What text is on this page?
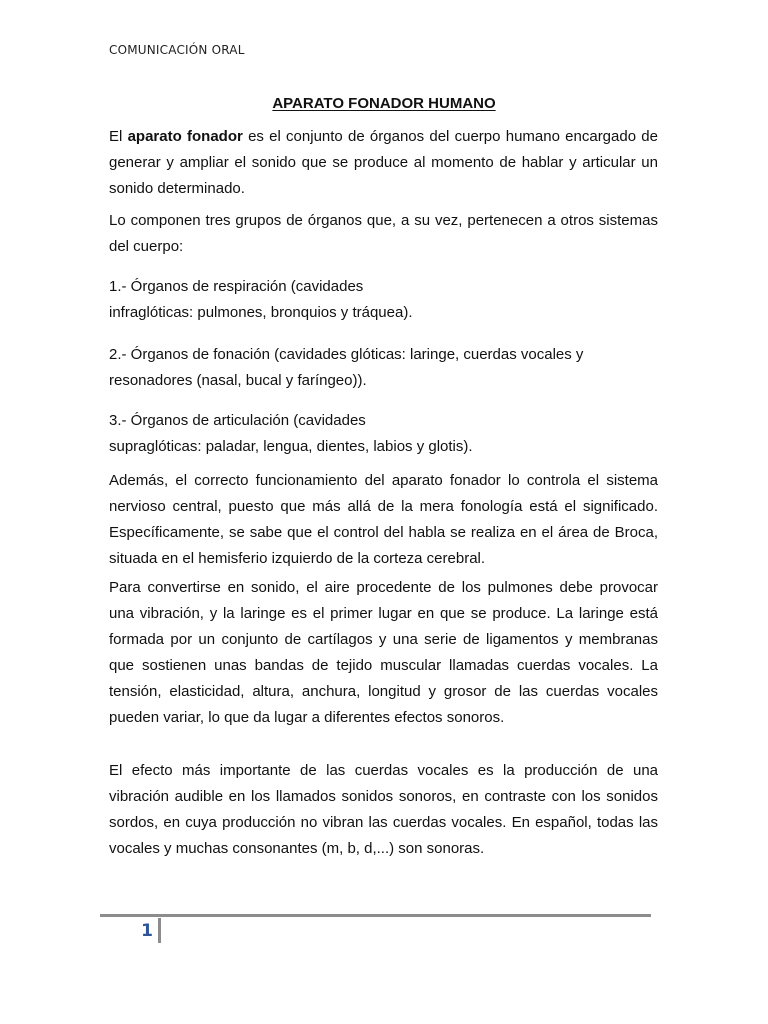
COMUNICACIÓN ORAL
APARATO FONADOR HUMANO
El aparato fonador es el conjunto de órganos del cuerpo humano encargado de generar y ampliar el sonido que se produce al momento de hablar y articular un sonido determinado.
Lo componen tres grupos de órganos que, a su vez, pertenecen a otros sistemas del cuerpo:

1.- Órganos de respiración (cavidades

infraglóticas: pulmones, bronquios y tráquea).

2.- Órganos de fonación (cavidades glóticas: laringe, cuerdas vocales y

resonadores (nasal, bucal y faríngeo)).

3.- Órganos de articulación (cavidades

supraglóticas: paladar, lengua, dientes, labios y glotis).

Además, el correcto funcionamiento del aparato fonador lo controla el sistema nervioso central, puesto que más allá de la mera fonología está el significado. Específicamente, se sabe que el control del habla se realiza en el área de Broca, situada en el hemisferio izquierdo de la corteza cerebral.
Para convertirse en sonido, el aire procedente de los pulmones debe provocar una vibración, y la laringe es el primer lugar en que se produce. La laringe está formada por un conjunto de cartílagos y una serie de ligamentos y membranas que sostienen unas bandas de tejido muscular llamadas cuerdas vocales. La tensión, elasticidad, altura, anchura, longitud y grosor de las cuerdas vocales pueden variar, lo que da lugar a diferentes efectos sonoros.
El efecto más importante de las cuerdas vocales es la producción de una vibración audible en los llamados sonidos sonoros, en contraste con los sonidos sordos, en cuya producción no vibran las cuerdas vocales. En español, todas las vocales y muchas consonantes (m, b, d,...) son sonoras.
1
